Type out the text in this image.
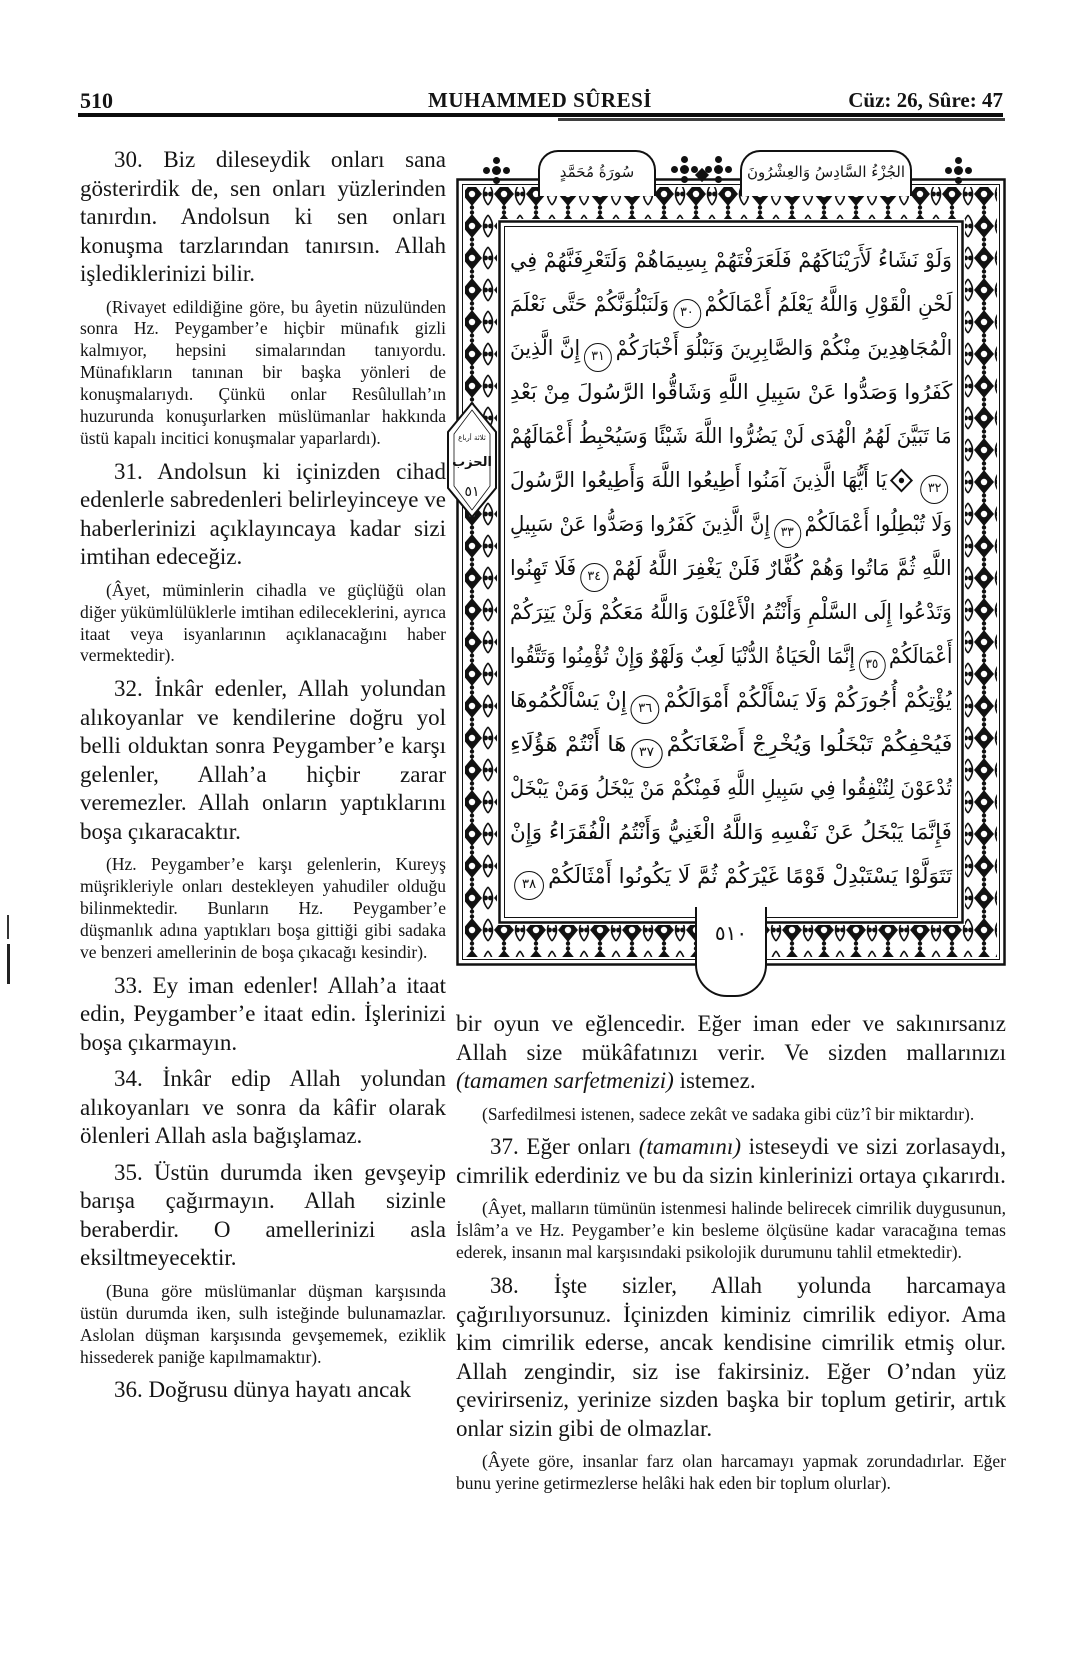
510	MUHAMMED SÛRESİ	Cüz: 26, Sûre: 47

30. Biz dileseydik onları sana gösterirdik de, sen onları yüzlerinden tanırdın. Andolsun ki sen onları konuşma tarzlarından tanırsın. Allah işlediklerinizi bilir.

(Rivayet edildiğine göre, bu âyetin nüzulünden sonra Hz. Peygamber’e hiçbir münafık gizli kalmıyor, hepsini simalarından tanıyordu. Münafıkların tanınan bir başka yönleri de konuşmalarıydı. Çünkü onlar Resûlullah’ın huzurunda konuşurlarken müslümanlar hakkında üstü kapalı incitici konuşmalar yaparlardı).

31. Andolsun ki içinizden cihad edenlerle sabredenleri belirleyinceye ve haberlerinizi açıklayıncaya kadar sizi imtihan edeceğiz.

(Âyet, müminlerin cihadla ve güçlüğü olan diğer yükümlülüklerle imtihan edileceklerini, ayrıca itaat veya isyanlarının açıklanacağını haber vermektedir).

32. İnkâr edenler, Allah yolundan alıkoyanlar ve kendilerine doğru yol belli olduktan sonra Peygamber’e karşı gelenler, Allah’a hiçbir zarar veremezler. Allah onların yaptıklarını boşa çıkaracaktır.

(Hz. Peygamber’e karşı gelenlerin, Kureyş müşrikleriyle onları destekleyen yahudiler olduğu bilinmektedir. Bunların Hz. Peygamber’e düşmanlık adına yaptıkları boşa gittiği gibi sadaka ve benzeri amellerinin de boşa çıkacağı kesindir).

33. Ey iman edenler! Allah’a itaat edin, Peygamber’e itaat edin. İşlerinizi boşa çıkarmayın.

34. İnkâr edip Allah yolundan alıkoyanları ve sonra da kâfir olarak ölenleri Allah asla bağışlamaz.

35. Üstün durumda iken gevşeyip barışa çağırmayın. Allah sizinle beraberdir. O amellerinizi asla eksiltmeyecektir.

(Buna göre müslümanlar düşman karşısında üstün durumda iken, sulh isteğinde bulunamazlar. Aslolan düşman karşısında gevşememek, eziklik hissederek paniğe kapılmamaktır).

36. Doğrusu dünya hayatı ancak

سُورَةُ مُحَمَّدٍ	الجُزْءُ السَّادِسُ وَالعِشْرُونَ
ثلاثة أرباع
الحزب
٥١
وَلَوْ نَشَاءُ لَأَرَيْنَاكَهُمْ فَلَعَرَفْتَهُمْ بِسِيمَاهُمْ وَلَتَعْرِفَنَّهُمْ فِي
لَحْنِ الْقَوْلِ وَاللَّهُ يَعْلَمُ أَعْمَالَكُمْ٣٠وَلَنَبْلُوَنَّكُمْ حَتَّى نَعْلَمَ
الْمُجَاهِدِينَ مِنْكُمْ وَالصَّابِرِينَ وَنَبْلُوَ أَخْبَارَكُمْ٣١إِنَّ الَّذِينَ
كَفَرُوا وَصَدُّوا عَنْ سَبِيلِ اللَّهِ وَشَاقُّوا الرَّسُولَ مِنْ بَعْدِ
مَا تَبَيَّنَ لَهُمُ الْهُدَى لَنْ يَضُرُّوا اللَّهَ شَيْئًا وَسَيُحْبِطُ أَعْمَالَهُمْ
٣٢يَا أَيُّهَا الَّذِينَ آمَنُوا أَطِيعُوا اللَّهَ وَأَطِيعُوا الرَّسُولَ
وَلَا تُبْطِلُوا أَعْمَالَكُمْ٣٣إِنَّ الَّذِينَ كَفَرُوا وَصَدُّوا عَنْ سَبِيلِ
اللَّهِ ثُمَّ مَاتُوا وَهُمْ كُفَّارٌ فَلَنْ يَغْفِرَ اللَّهُ لَهُمْ٣٤فَلَا تَهِنُوا
وَتَدْعُوا إِلَى السَّلْمِ وَأَنْتُمُ الْأَعْلَوْنَ وَاللَّهُ مَعَكُمْ وَلَنْ يَتِرَكُمْ
أَعْمَالَكُمْ٣٥إِنَّمَا الْحَيَاةُ الدُّنْيَا لَعِبٌ وَلَهْوٌ وَإِنْ تُؤْمِنُوا وَتَتَّقُوا
يُؤْتِكُمْ أُجُورَكُمْ وَلَا يَسْأَلْكُمْ أَمْوَالَكُمْ٣٦إِنْ يَسْأَلْكُمُوهَا
فَيُحْفِكُمْ تَبْخَلُوا وَيُخْرِجْ أَضْغَانَكُمْ٣٧هَا أَنْتُمْ هَؤُلَاءِ
تُدْعَوْنَ لِتُنْفِقُوا فِي سَبِيلِ اللَّهِ فَمِنْكُمْ مَنْ يَبْخَلُ وَمَنْ يَبْخَلْ
فَإِنَّمَا يَبْخَلُ عَنْ نَفْسِهِ وَاللَّهُ الْغَنِيُّ وَأَنْتُمُ الْفُقَرَاءُ وَإِنْ
تَتَوَلَّوْا يَسْتَبْدِلْ قَوْمًا غَيْرَكُمْ ثُمَّ لَا يَكُونُوا أَمْثَالَكُمْ٣٨
٥١٠

bir oyun ve eğlencedir. Eğer iman eder ve sakınırsanız Allah size mükâfatınızı verir. Ve sizden mallarınızı (tamamen sarfetmenizi) istemez.

(Sarfedilmesi istenen, sadece zekât ve sadaka gibi cüz’î bir miktardır).

37. Eğer onları (tamamını) isteseydi ve sizi zorlasaydı, cimrilik ederdiniz ve bu da sizin kinlerinizi ortaya çıkarırdı.

(Âyet, malların tümünün istenmesi halinde belirecek cimrilik duygusunun, İslâm’a ve Hz. Peygamber’e kin besleme ölçüsüne kadar varacağına temas ederek, insanın mal karşısındaki psikolojik durumunu tahlil etmektedir).

38. İşte sizler, Allah yolunda harcamaya çağırılıyorsunuz. İçinizden kiminiz cimrilik ediyor. Ama kim cimrilik ederse, ancak kendisine cimrilik etmiş olur. Allah zengindir, siz ise fakirsiniz. Eğer O’ndan yüz çevirirseniz, yerinize sizden başka bir toplum getirir, artık onlar sizin gibi de olmazlar.

(Âyete göre, insanlar farz olan harcamayı yapmak zorundadırlar. Eğer bunu yerine getirmezlerse helâki hak eden bir toplum olurlar).
